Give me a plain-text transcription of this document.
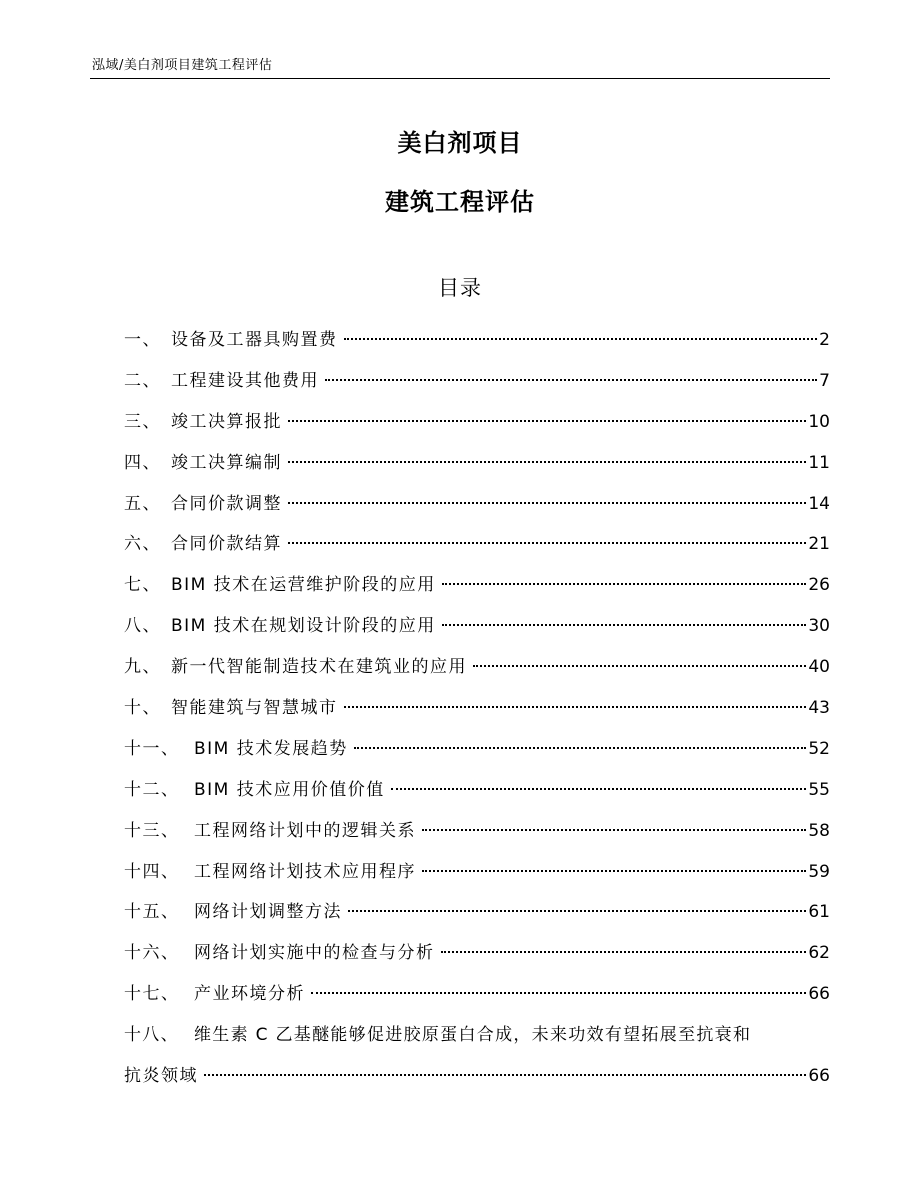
泓域/美白剂项目建筑工程评估
美白剂项目
建筑工程评估
目录
一、 设备及工器具购置费	2
二、 工程建设其他费用	7
三、 竣工决算报批	10
四、 竣工决算编制	11
五、 合同价款调整	14
六、 合同价款结算	21
七、 BIM 技术在运营维护阶段的应用	26
八、 BIM 技术在规划设计阶段的应用	30
九、 新一代智能制造技术在建筑业的应用	40
十、 智能建筑与智慧城市	43
十一、 BIM 技术发展趋势	52
十二、 BIM 技术应用价值价值	55
十三、 工程网络计划中的逻辑关系	58
十四、 工程网络计划技术应用程序	59
十五、 网络计划调整方法	61
十六、 网络计划实施中的检查与分析	62
十七、 产业环境分析	66
十八、 维生素 C 乙基醚能够促进胶原蛋白合成，未来功效有望拓展至抗衰和
抗炎领域	66
